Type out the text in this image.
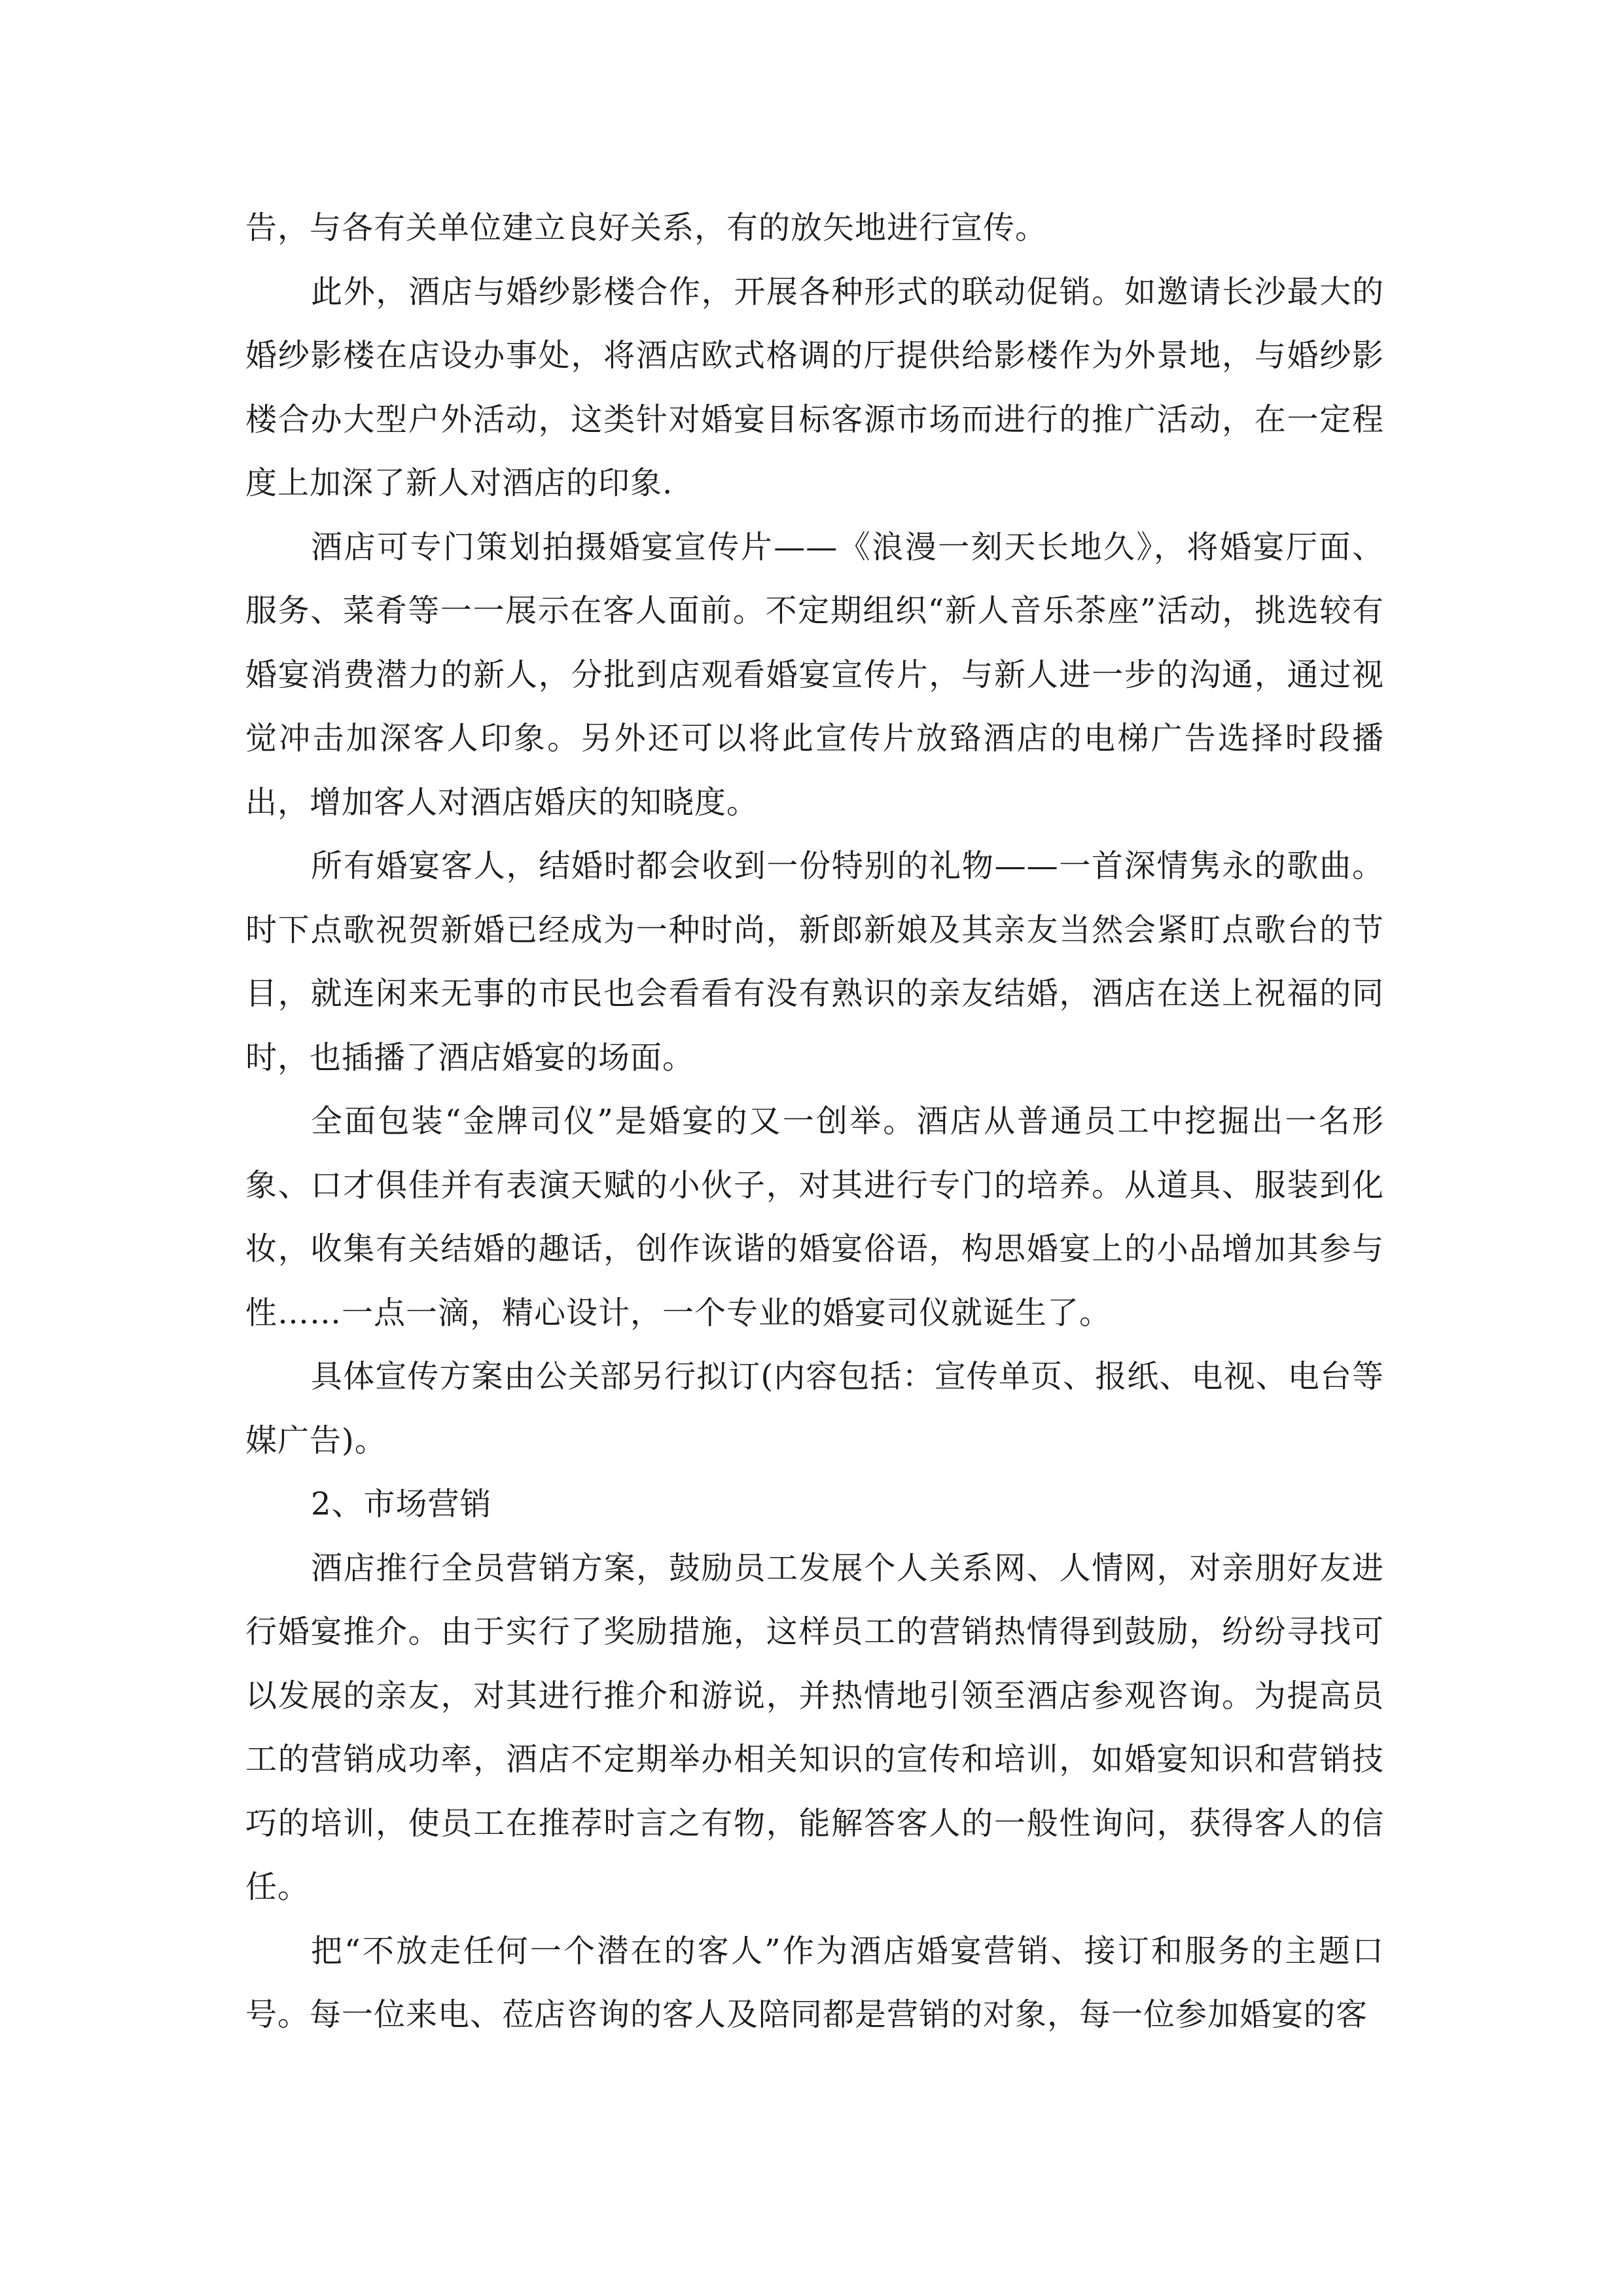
告，与各有关单位建立良好关系，有的放矢地进行宣传。

此外，酒店与婚纱影楼合作，开展各种形式的联动促销。如邀请长沙最大的婚纱影楼在店设办事处，将酒店欧式格调的厅提供给影楼作为外景地，与婚纱影楼合办大型户外活动，这类针对婚宴目标客源市场而进行的推广活动，在一定程度上加深了新人对酒店的印象.

酒店可专门策划拍摄婚宴宣传片——《浪漫一刻天长地久》，将婚宴厅面、服务、菜肴等一一展示在客人面前。不定期组织“新人音乐茶座”活动，挑选较有婚宴消费潜力的新人，分批到店观看婚宴宣传片，与新人进一步的沟通，通过视觉冲击加深客人印象。另外还可以将此宣传片放臵酒店的电梯广告选择时段播出，增加客人对酒店婚庆的知晓度。

所有婚宴客人，结婚时都会收到一份特别的礼物——一首深情隽永的歌曲。时下点歌祝贺新婚已经成为一种时尚，新郎新娘及其亲友当然会紧盯点歌台的节目，就连闲来无事的市民也会看看有没有熟识的亲友结婚，酒店在送上祝福的同时，也插播了酒店婚宴的场面。

全面包装“金牌司仪”是婚宴的又一创举。酒店从普通员工中挖掘出一名形象、口才俱佳并有表演天赋的小伙子，对其进行专门的培养。从道具、服装到化妆，收集有关结婚的趣话，创作诙谐的婚宴俗语，构思婚宴上的小品增加其参与性……一点一滴，精心设计，一个专业的婚宴司仪就诞生了。

具体宣传方案由公关部另行拟订(内容包括：宣传单页、报纸、电视、电台等媒广告)。

2、市场营销

酒店推行全员营销方案，鼓励员工发展个人关系网、人情网，对亲朋好友进行婚宴推介。由于实行了奖励措施，这样员工的营销热情得到鼓励，纷纷寻找可以发展的亲友，对其进行推介和游说，并热情地引领至酒店参观咨询。为提高员工的营销成功率，酒店不定期举办相关知识的宣传和培训，如婚宴知识和营销技巧的培训，使员工在推荐时言之有物，能解答客人的一般性询问，获得客人的信任。

把“不放走任何一个潜在的客人”作为酒店婚宴营销、接订和服务的主题口号。每一位来电、莅店咨询的客人及陪同都是营销的对象，每一位参加婚宴的客
